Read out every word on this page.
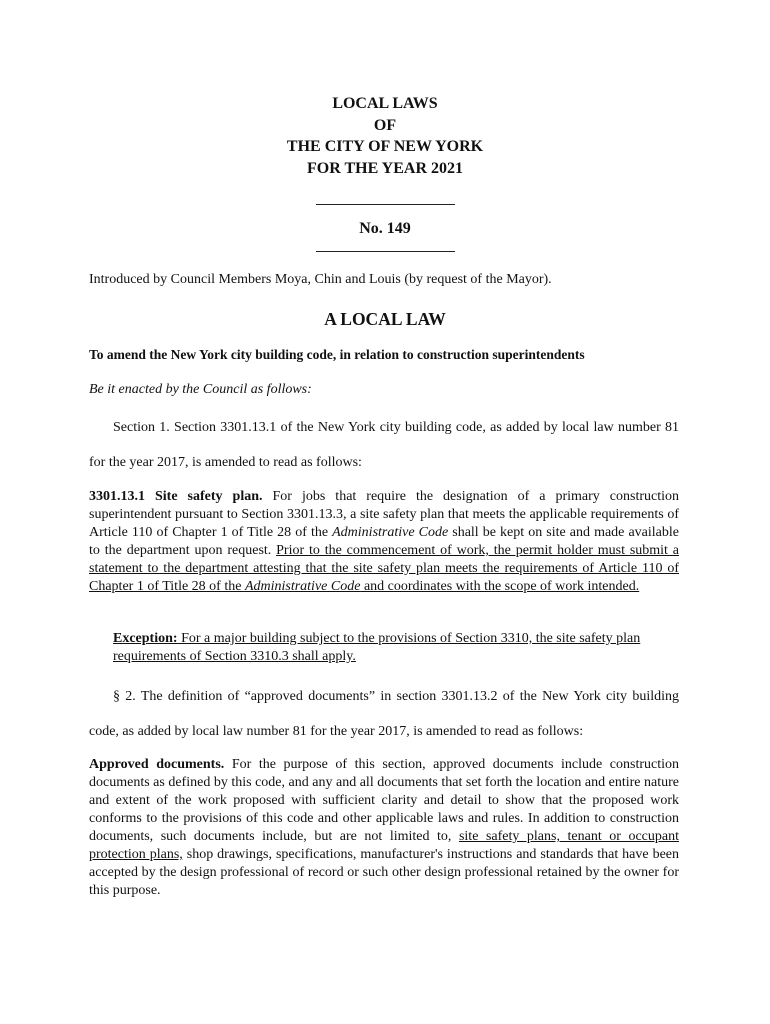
LOCAL LAWS
OF
THE CITY OF NEW YORK
FOR THE YEAR 2021
No. 149
Introduced by Council Members Moya, Chin and Louis (by request of the Mayor).
A LOCAL LAW
To amend the New York city building code, in relation to construction superintendents
Be it enacted by the Council as follows:
Section 1. Section 3301.13.1 of the New York city building code, as added by local law number 81 for the year 2017, is amended to read as follows:
3301.13.1 Site safety plan. For jobs that require the designation of a primary construction superintendent pursuant to Section 3301.13.3, a site safety plan that meets the applicable requirements of Article 110 of Chapter 1 of Title 28 of the Administrative Code shall be kept on site and made available to the department upon request. Prior to the commencement of work, the permit holder must submit a statement to the department attesting that the site safety plan meets the requirements of Article 110 of Chapter 1 of Title 28 of the Administrative Code and coordinates with the scope of work intended.
Exception: For a major building subject to the provisions of Section 3310, the site safety plan requirements of Section 3310.3 shall apply.
§ 2. The definition of “approved documents” in section 3301.13.2 of the New York city building code, as added by local law number 81 for the year 2017, is amended to read as follows:
Approved documents. For the purpose of this section, approved documents include construction documents as defined by this code, and any and all documents that set forth the location and entire nature and extent of the work proposed with sufficient clarity and detail to show that the proposed work conforms to the provisions of this code and other applicable laws and rules. In addition to construction documents, such documents include, but are not limited to, site safety plans, tenant or occupant protection plans, shop drawings, specifications, manufacturer's instructions and standards that have been accepted by the design professional of record or such other design professional retained by the owner for this purpose.
